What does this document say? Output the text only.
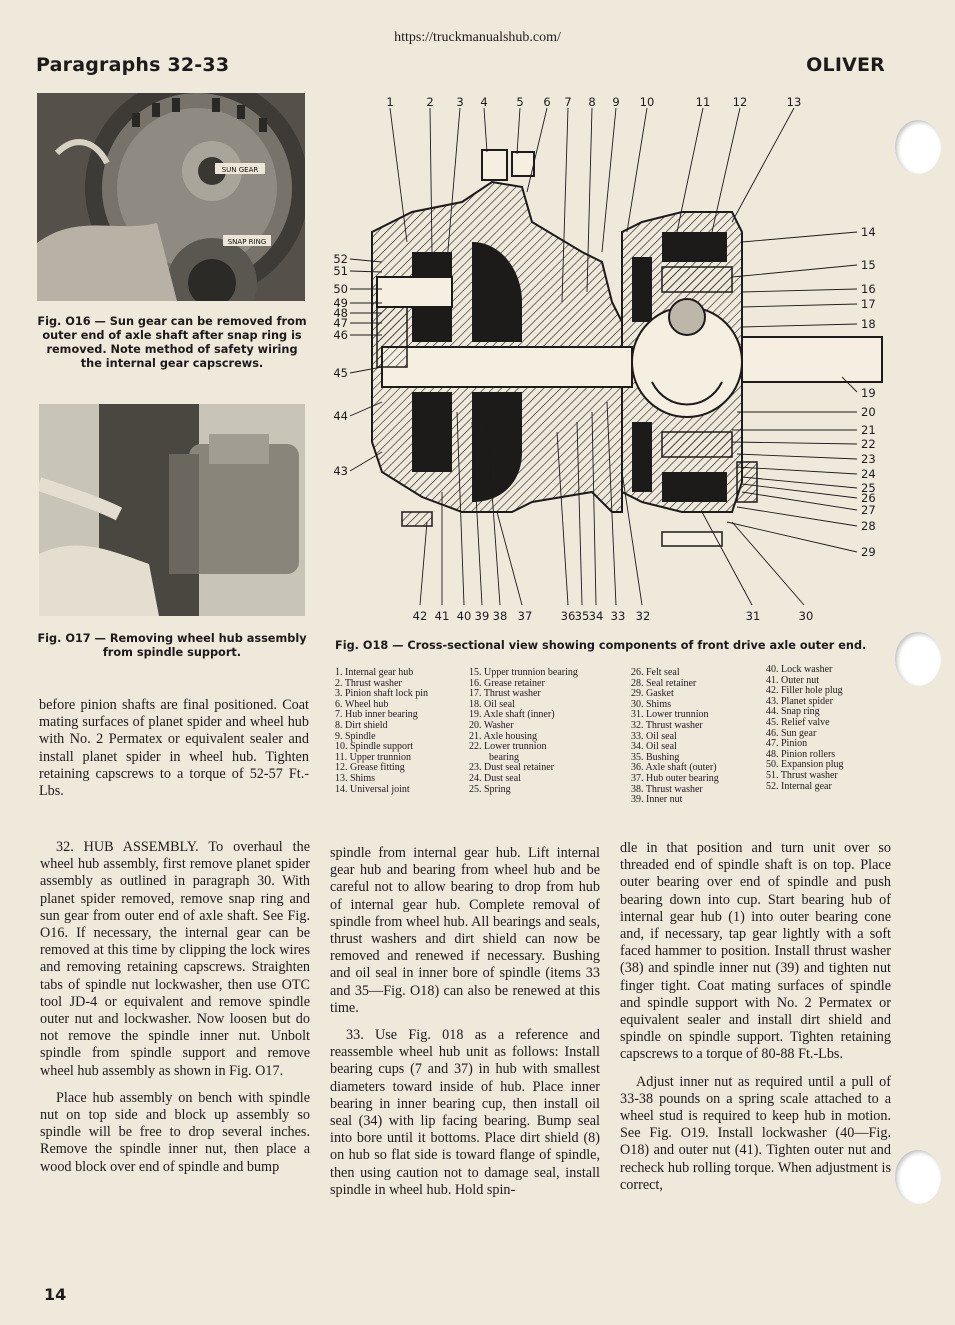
https://truckmanualshub.com/
Paragraphs 32-33	OLIVER
SUN GEAR
SNAP RING
Fig. O16 — Sun gear can be removed from outer end of axle shaft after snap ring is removed. Note method of safety wiring the internal gear capscrews.
Fig. O17 — Removing wheel hub assembly from spindle support.
1	2 3 4 5 6 7 8 9 10	11 12	13
14
15
16
17
18
19
20
21
22
23
24
25
26
27
28
29
52
51
50
49
48
47
46
45
44
43
42 41 40 39 38 37 36 35 34 33 32	31	30
Fig. O18 — Cross-sectional view showing components of front drive axle outer end.
1. Internal gear hub
2. Thrust washer
3. Pinion shaft lock pin
6. Wheel hub
7. Hub inner bearing
8. Dirt shield
9. Spindle
10. Spindle support
11. Upper trunnion
12. Grease fitting
13. Shims
14. Universal joint
15. Upper trunnion bearing
16. Grease retainer
17. Thrust washer
18. Oil seal
19. Axle shaft (inner)
20. Washer
21. Axle housing
22. Lower trunnion
bearing
23. Dust seal retainer
24. Dust seal
25. Spring
26. Felt seal
28. Seal retainer
29. Gasket
30. Shims
31. Lower trunnion
32. Thrust washer
33. Oil seal
34. Oil seal
35. Bushing
36. Axle shaft (outer)
37. Hub outer bearing
38. Thrust washer
39. Inner nut
40. Lock washer
41. Outer nut
42. Filler hole plug
43. Planet spider
44. Snap ring
45. Relief valve
46. Sun gear
47. Pinion
48. Pinion rollers
50. Expansion plug
51. Thrust washer
52. Internal gear

before pinion shafts are final positioned. Coat mating surfaces of planet spider and wheel hub with No. 2 Permatex or equivalent sealer and install planet spider in wheel hub. Tighten retaining capscrews to a torque of 52-57 Ft.-Lbs.

32. HUB ASSEMBLY. To overhaul the wheel hub assembly, first remove planet spider assembly as outlined in paragraph 30. With planet spider removed, remove snap ring and sun gear from outer end of axle shaft. See Fig. O16. If necessary, the internal gear can be removed at this time by clipping the lock wires and removing retaining capscrews. Straighten tabs of spindle nut lockwasher, then use OTC tool JD-4 or equivalent and remove spindle outer nut and lockwasher. Now loosen but do not remove the spindle inner nut. Unbolt spindle from spindle support and remove wheel hub assembly as shown in Fig. O17.

Place hub assembly on bench with spindle nut on top side and block up assembly so spindle will be free to drop several inches. Remove the spindle inner nut, then place a wood block over end of spindle and bump

spindle from internal gear hub. Lift internal gear hub and bearing from wheel hub and be careful not to allow bearing to drop from hub of internal gear hub. Complete removal of spindle from wheel hub. All bearings and seals, thrust washers and dirt shield can now be removed and renewed if necessary. Bushing and oil seal in inner bore of spindle (items 33 and 35—Fig. O18) can also be renewed at this time.

33. Use Fig. 018 as a reference and reassemble wheel hub unit as follows: Install bearing cups (7 and 37) in hub with smallest diameters toward inside of hub. Place inner bearing in inner bearing cup, then install oil seal (34) with lip facing bearing. Bump seal into bore until it bottoms. Place dirt shield (8) on hub so flat side is toward flange of spindle, then using caution not to damage seal, install spindle in wheel hub. Hold spin-

dle in that position and turn unit over so threaded end of spindle shaft is on top. Place outer bearing over end of spindle and push bearing down into cup. Start bearing hub of internal gear hub (1) into outer bearing cone and, if necessary, tap gear lightly with a soft faced hammer to position. Install thrust washer (38) and spindle inner nut (39) and tighten nut finger tight. Coat mating surfaces of spindle and spindle support with No. 2 Permatex or equivalent sealer and install dirt shield and spindle on spindle support. Tighten retaining capscrews to a torque of 80-88 Ft.-Lbs.

Adjust inner nut as required until a pull of 33-38 pounds on a spring scale attached to a wheel stud is required to keep hub in motion. See Fig. O19. Install lockwasher (40—Fig. O18) and outer nut (41). Tighten outer nut and recheck hub rolling torque. When adjustment is correct,

14
